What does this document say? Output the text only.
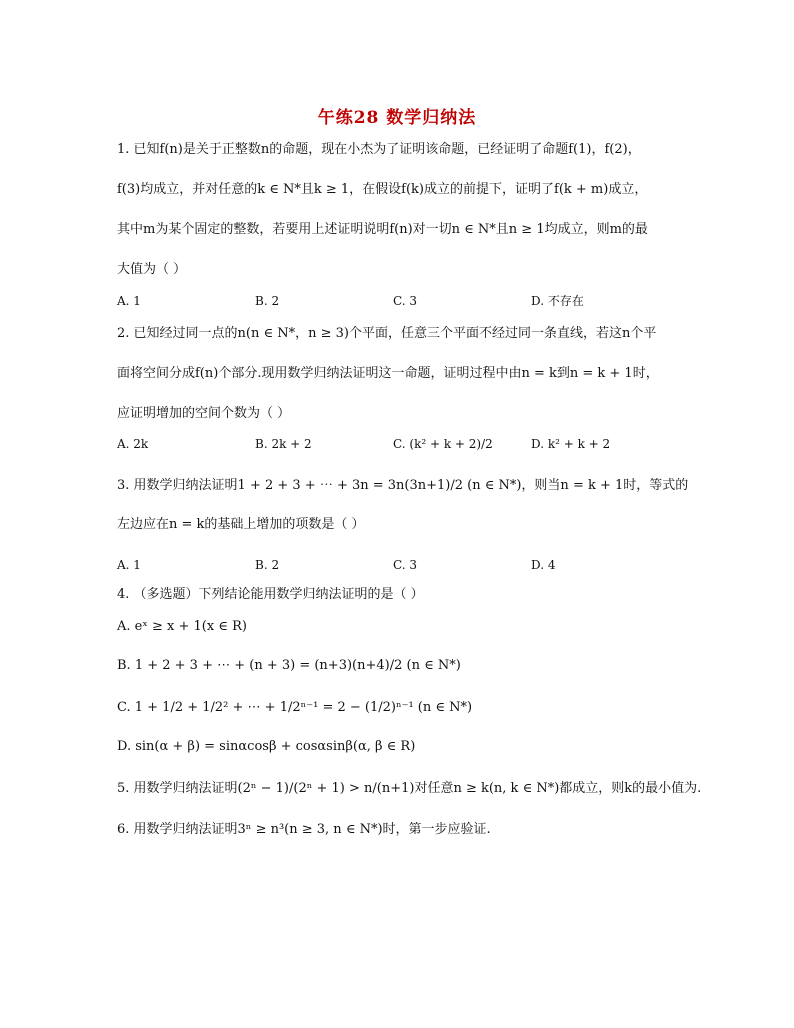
午练28 数学归纳法
1. 已知f(n)是关于正整数n的命题，现在小杰为了证明该命题，已经证明了命题f(1)，f(2)，
f(3)均成立，并对任意的k ∈ N*且k ≥ 1，在假设f(k)成立的前提下，证明了f(k + m)成立，
其中m为某个固定的整数，若要用上述证明说明f(n)对一切n ∈ N*且n ≥ 1均成立，则m的最
大值为（ ）
A. 1	B. 2	C. 3	D. 不存在
2. 已知经过同一点的n(n ∈ N*，n ≥ 3)个平面，任意三个平面不经过同一条直线，若这n个平
面将空间分成f(n)个部分.现用数学归纳法证明这一命题，证明过程中由n = k到n = k + 1时，
应证明增加的空间个数为（ ）
A. 2k	B. 2k + 2	C. (k² + k + 2)/2	D. k² + k + 2
3. 用数学归纳法证明1 + 2 + 3 + ⋯ + 3n = 3n(3n+1)/2 (n ∈ N*)，则当n = k + 1时，等式的
左边应在n = k的基础上增加的项数是（ ）
A. 1	B. 2	C. 3	D. 4
4. （多选题）下列结论能用数学归纳法证明的是（ ）
A. eˣ ≥ x + 1(x ∈ R)
B. 1 + 2 + 3 + ⋯ + (n + 3) = (n+3)(n+4)/2 (n ∈ N*)
C. 1 + 1/2 + 1/2² + ⋯ + 1/2ⁿ⁻¹ = 2 − (1/2)ⁿ⁻¹ (n ∈ N*)
D. sin(α + β) = sinαcosβ + cosαsinβ(α, β ∈ R)
5. 用数学归纳法证明(2ⁿ − 1)/(2ⁿ + 1) > n/(n+1)对任意n ≥ k(n, k ∈ N*)都成立，则k的最小值为.
6. 用数学归纳法证明3ⁿ ≥ n³(n ≥ 3, n ∈ N*)时，第一步应验证.
